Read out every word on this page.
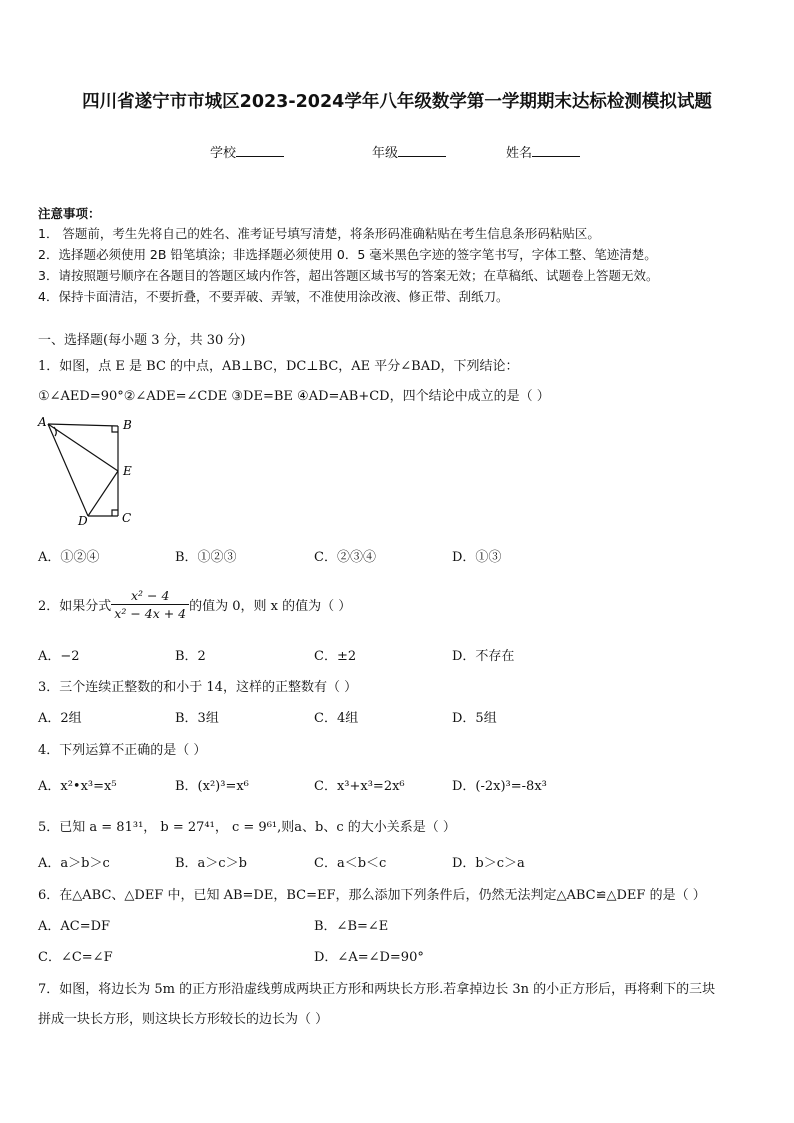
四川省遂宁市市城区2023-2024学年八年级数学第一学期期末达标检测模拟试题
学校	年级	姓名
注意事项：
1． 答题前，考生先将自己的姓名、准考证号填写清楚，将条形码准确粘贴在考生信息条形码粘贴区。
2．选择题必须使用 2B 铅笔填涂；非选择题必须使用 0．5 毫米黑色字迹的签字笔书写，字体工整、笔迹清楚。
3．请按照题号顺序在各题目的答题区域内作答，超出答题区域书写的答案无效；在草稿纸、试题卷上答题无效。
4．保持卡面清洁，不要折叠，不要弄破、弄皱，不准使用涂改液、修正带、刮纸刀。
一、选择题(每小题 3 分，共 30 分)
1．如图，点 E 是 BC 的中点，AB⊥BC，DC⊥BC，AE 平分∠BAD，下列结论：
①∠AED=90°②∠ADE=∠CDE ③DE=BE ④AD=AB+CD，四个结论中成立的是（ ）
A	B
E
D	C
A．①②④	B．①②③	C．②③④	D．①③
2．如果分式 $\frac{\text{x² − 4}}{\text{x² − 4x + 4}}$ 的值为 0，则 x 的值为（ ）
A．−2	B．2	C．±2	D．不存在
3．三个连续正整数的和小于 14，这样的正整数有（ ）
A．2组	B．3组	C．4组	D．5组
4．下列运算不正确的是（ ）
A．x²•x³=x⁵	B．(x²)³=x⁶	C．x³+x³=2x⁶	D．(-2x)³=-8x³
5．已知 a = 81³¹， b = 27⁴¹， c = 9⁶¹,则a、b、c 的大小关系是（ ）
A．a＞b＞c	B．a＞c＞b	C．a＜b＜c	D．b＞c＞a
6．在△ABC、△DEF 中，已知 AB=DE，BC=EF，那么添加下列条件后，仍然无法判定△ABC≌△DEF 的是（ ）
A．AC=DF	B．∠B=∠E
C．∠C=∠F	D．∠A=∠D=90°
7．如图，将边长为 5m 的正方形沿虚线剪成两块正方形和两块长方形.若拿掉边长 3n 的小正方形后，再将剩下的三块
拼成一块长方形，则这块长方形较长的边长为（ ）
